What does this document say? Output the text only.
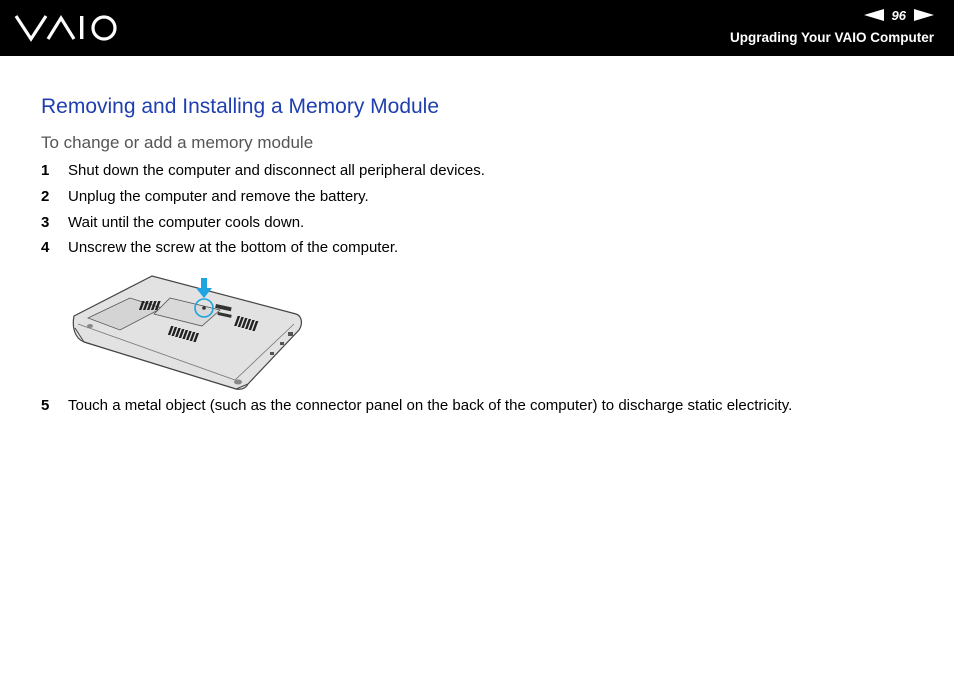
96
Upgrading Your VAIO Computer
Removing and Installing a Memory Module
To change or add a memory module
1 Shut down the computer and disconnect all peripheral devices.
2 Unplug the computer and remove the battery.
3 Wait until the computer cools down.
4 Unscrew the screw at the bottom of the computer.
5 Touch a metal object (such as the connector panel on the back of the computer) to discharge static electricity.
